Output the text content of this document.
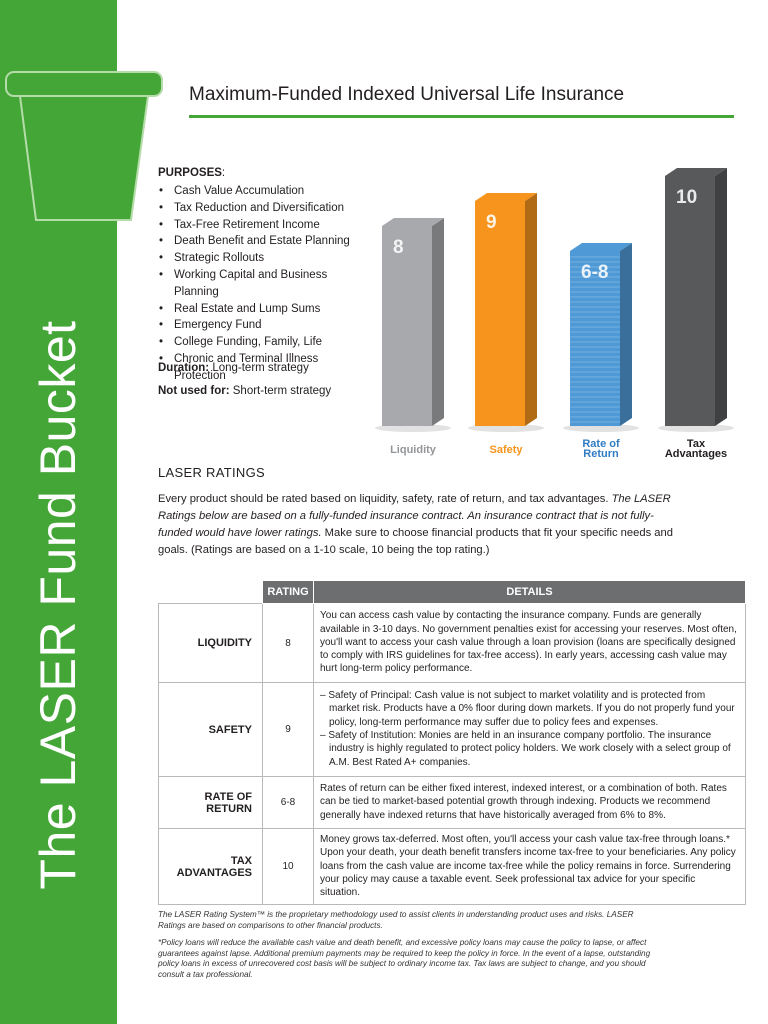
The LASER Fund Bucket
Maximum-Funded Indexed Universal Life Insurance
PURPOSES:
• Cash Value Accumulation
• Tax Reduction and Diversification
• Tax-Free Retirement Income
• Death Benefit and Estate Planning
• Strategic Rollouts
• Working Capital and Business Planning
• Real Estate and Lump Sums
• Emergency Fund
• College Funding, Family, Life
• Chronic and Terminal Illness Protection
Duration: Long-term strategy
Not used for: Short-term strategy
8
Liquidity
9
Safety
6-8
Rate of
Return
10
Tax
Advantages
LASER RATINGS
Every product should be rated based on liquidity, safety, rate of return, and tax advantages. The LASER Ratings below are based on a fully-funded insurance contract. An insurance contract that is not fully-funded would have lower ratings. Make sure to choose financial products that fit your specific needs and goals. (Ratings are based on a 1-10 scale, 10 being the top rating.)
	RATING	DETAILS
LIQUIDITY	8	You can access cash value by contacting the insurance company. Funds are generally available in 3-10 days. No government penalties exist for accessing your reserves. Most often, you'll want to access your cash value through a loan provision (loans are specifically designed to comply with IRS guidelines for tax-free access). In early years, accessing cash value may hurt long-term policy performance.

SAFETY	9	– Safety of Principal: Cash value is not subject to market volatility and is protected from market risk. Products have a 0% floor during down markets. If you do not properly fund your policy, long-term performance may suffer due to policy fees and expenses.
– Safety of Institution: Monies are held in an insurance company portfolio. The insurance industry is highly regulated to protect policy holders. We work closely with a select group of A.M. Best Rated A+ companies.

RATE OF
RETURN	6-8	Rates of return can be either fixed interest, indexed interest, or a combination of both. Rates can be tied to market-based potential growth through indexing. Products we recommend generally have indexed returns that have historically averaged from 6% to 8%.

TAX
ADVANTAGES	10	Money grows tax-deferred. Most often, you'll access your cash value tax-free through loans.* Upon your death, your death benefit transfers income tax-free to your beneficiaries. Any policy loans from the cash value are income tax-free while the policy remains in force. Surrendering your policy may cause a taxable event. Seek professional tax advice for your specific situation.
The LASER Rating System™ is the proprietary methodology used to assist clients in understanding product uses and risks. LASER Ratings are based on comparisons to other financial products.
*Policy loans will reduce the available cash value and death benefit, and excessive policy loans may cause the policy to lapse, or affect guarantees against lapse. Additional premium payments may be required to keep the policy in force. In the event of a lapse, outstanding policy loans in excess of unrecovered cost basis will be subject to ordinary income tax. Tax laws are subject to change, and you should consult a tax professional.
